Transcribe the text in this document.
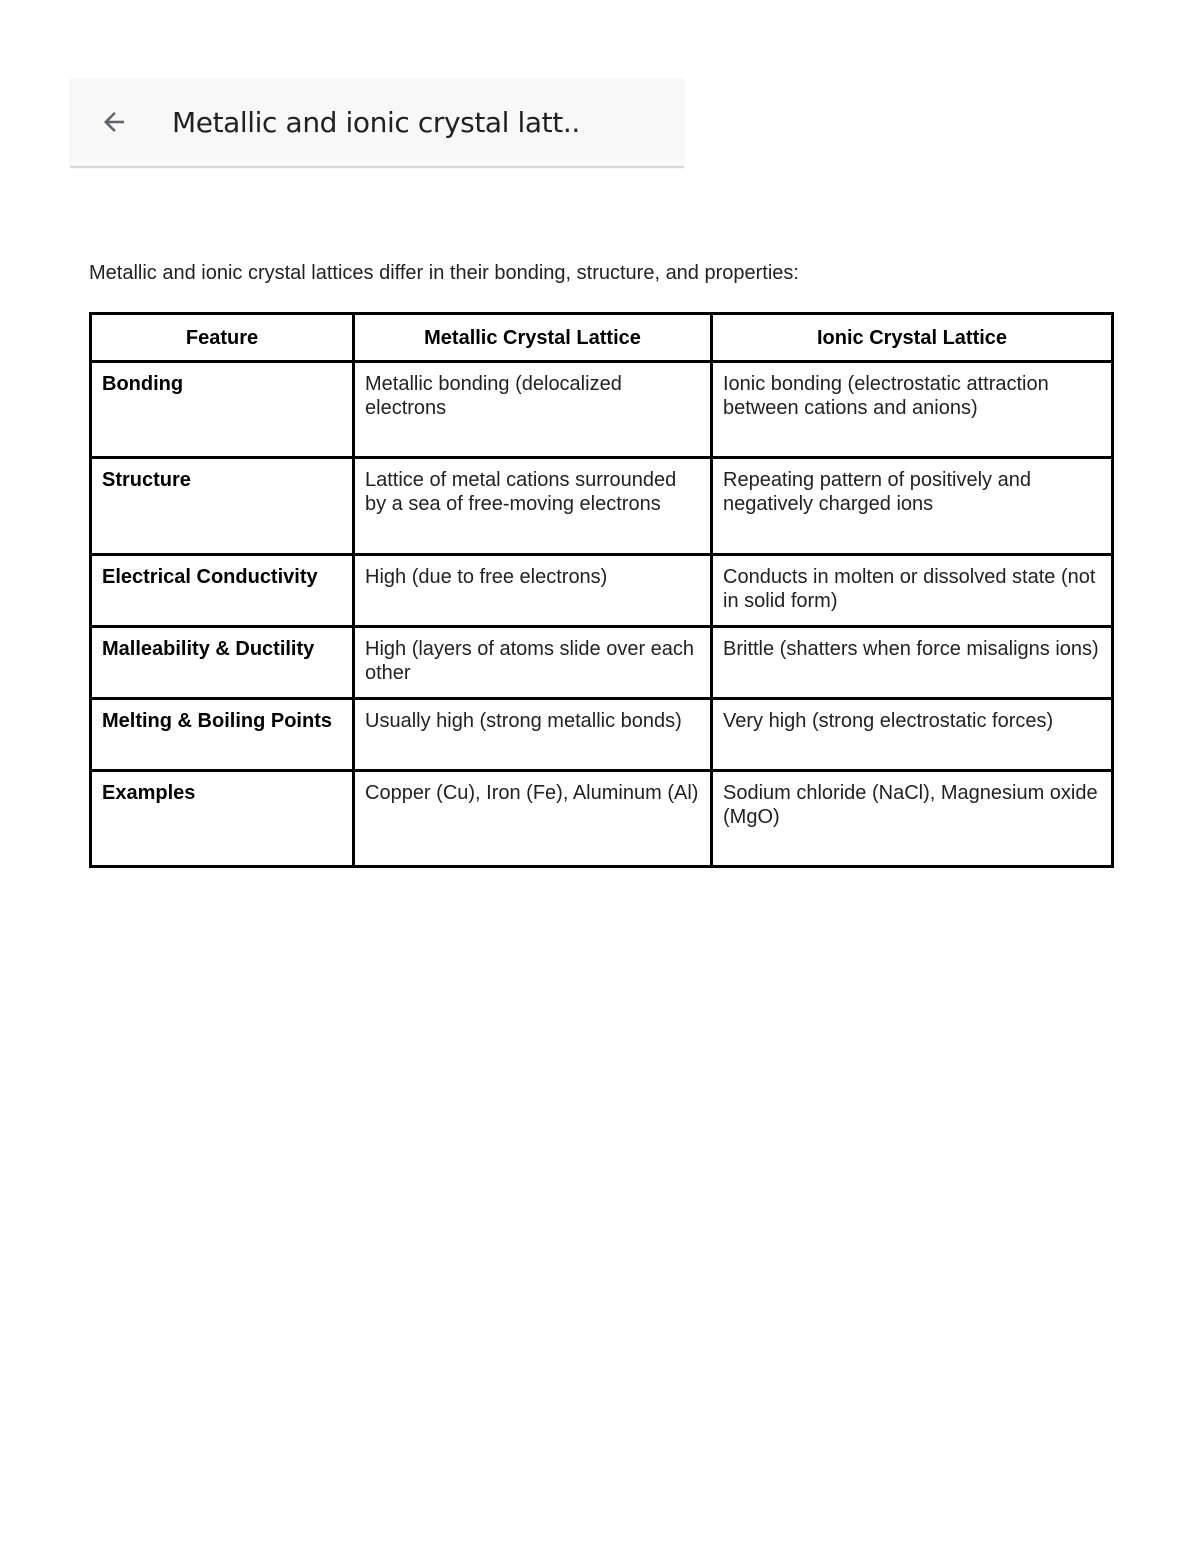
Metallic and ionic crystal latt..
Metallic and ionic crystal lattices differ in their bonding, structure, and properties:
Feature	Metallic Crystal Lattice	Ionic Crystal Lattice
Bonding	Metallic bonding (delocalized electrons	Ionic bonding (electrostatic attraction between cations and anions)
Structure	Lattice of metal cations surrounded by a sea of free-moving electrons	Repeating pattern of positively and negatively charged ions
Electrical Conductivity	High (due to free electrons)	Conducts in molten or dissolved state (not in solid form)
Malleability & Ductility	High (layers of atoms slide over each other	Brittle (shatters when force misaligns ions)
Melting & Boiling Points	Usually high (strong metallic bonds)	Very high (strong electrostatic forces)
Examples	Copper (Cu), Iron (Fe), Aluminum (Al)	Sodium chloride (NaCl), Magnesium oxide (MgO)
